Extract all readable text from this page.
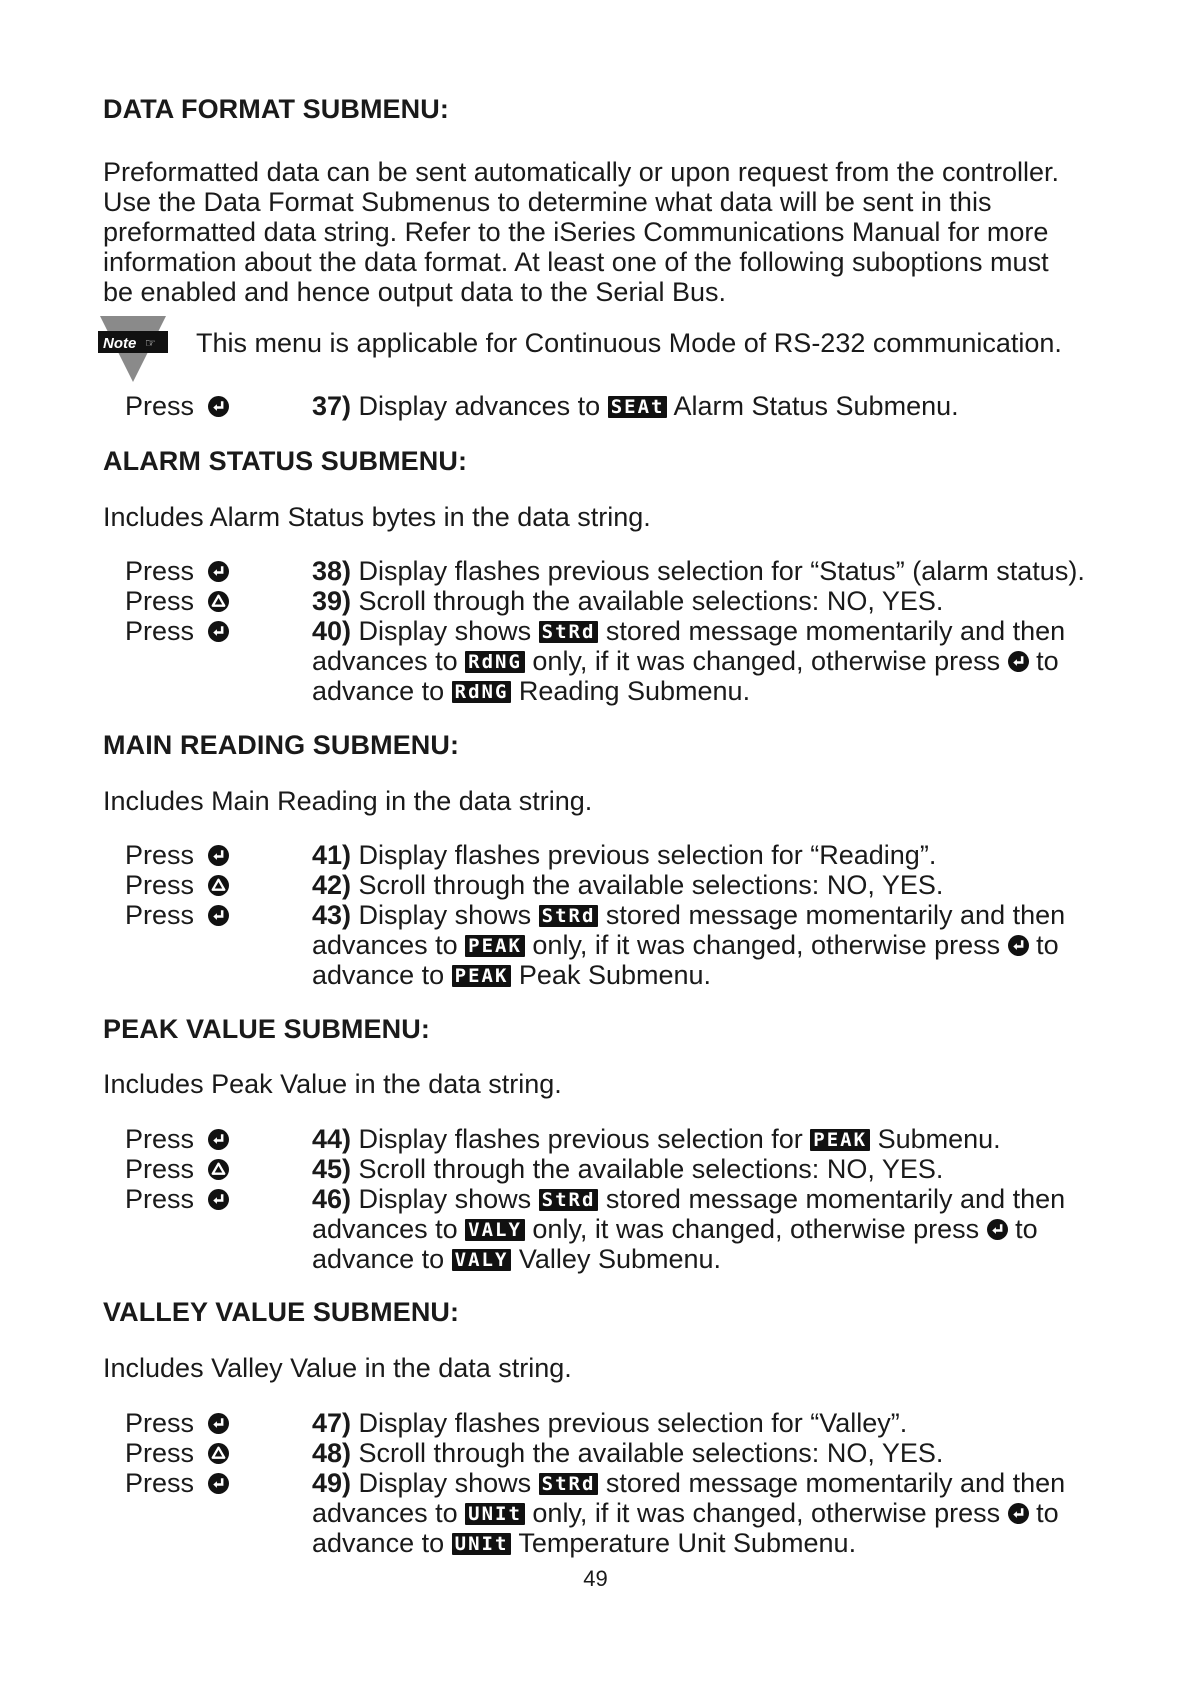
DATA FORMAT SUBMENU:
Preformatted data can be sent automatically or upon request from the controller.
Use the Data Format Submenus to determine what data will be sent in this
preformatted data string. Refer to the iSeries Communications Manual for more
information about the data format. At least one of the following suboptions must
be enabled and hence output data to the Serial Bus.
Note ☞ This menu is applicable for Continuous Mode of RS-232 communication.
Press	37) Display advances to SEAt Alarm Status Submenu.
ALARM STATUS SUBMENU:
Includes Alarm Status bytes in the data string.
Press	38) Display flashes previous selection for “Status” (alarm status).
Press	39) Scroll through the available selections: NO, YES.
Press	40) Display shows StRd stored message momentarily and then
advances to RdNG only, if it was changed, otherwise press to
advance to RdNG Reading Submenu.
MAIN READING SUBMENU:
Includes Main Reading in the data string.
Press	41) Display flashes previous selection for “Reading”.
Press	42) Scroll through the available selections: NO, YES.
Press	43) Display shows StRd stored message momentarily and then
advances to PEAK only, if it was changed, otherwise press to
advance to PEAK Peak Submenu.
PEAK VALUE SUBMENU:
Includes Peak Value in the data string.
Press	44) Display flashes previous selection for PEAK Submenu.
Press	45) Scroll through the available selections: NO, YES.
Press	46) Display shows StRd stored message momentarily and then
advances to VALY only, it was changed, otherwise press to
advance to VALY Valley Submenu.
VALLEY VALUE SUBMENU:
Includes Valley Value in the data string.
Press	47) Display flashes previous selection for “Valley”.
Press	48) Scroll through the available selections: NO, YES.
Press	49) Display shows StRd stored message momentarily and then
advances to UNIt only, if it was changed, otherwise press to
advance to UNIt Temperature Unit Submenu.
49
